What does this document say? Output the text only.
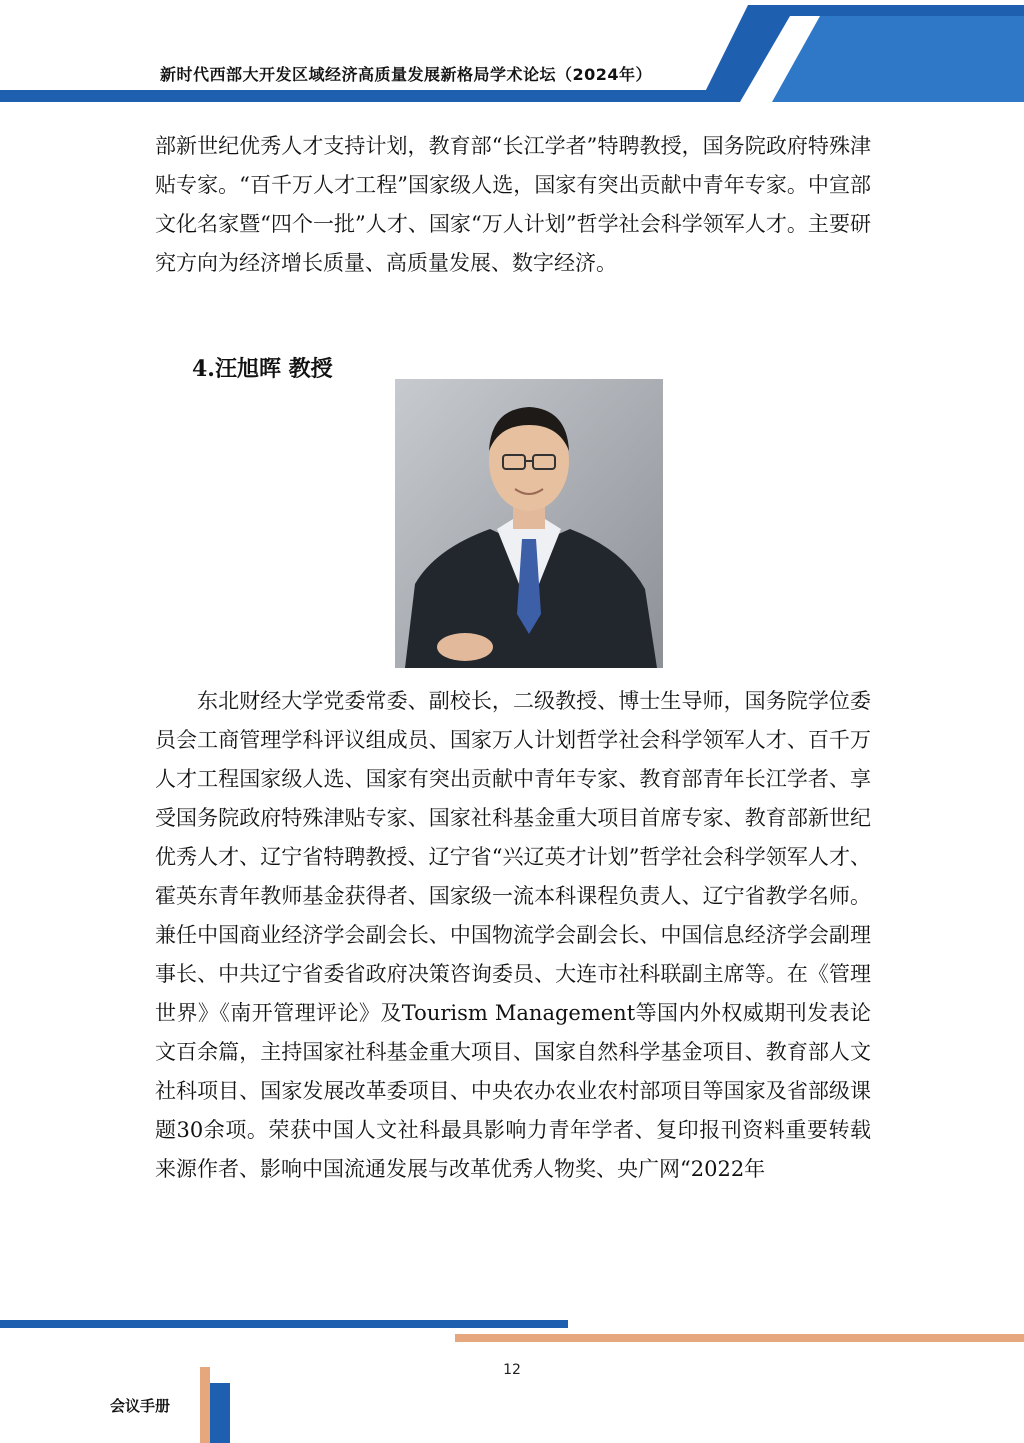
新时代西部大开发区域经济高质量发展新格局学术论坛（2024年）

部新世纪优秀人才支持计划，教育部“长江学者”特聘教授，国务院政府特殊津贴专家。“百千万人才工程”国家级人选，国家有突出贡献中青年专家。中宣部文化名家暨“四个一批”人才、国家“万人计划”哲学社会科学领军人才。主要研究方向为经济增长质量、高质量发展、数字经济。

4.汪旭晖 教授

东北财经大学党委常委、副校长，二级教授、博士生导师，国务院学位委员会工商管理学科评议组成员、国家万人计划哲学社会科学领军人才、百千万人才工程国家级人选、国家有突出贡献中青年专家、教育部青年长江学者、享受国务院政府特殊津贴专家、国家社科基金重大项目首席专家、教育部新世纪优秀人才、辽宁省特聘教授、辽宁省“兴辽英才计划”哲学社会科学领军人才、霍英东青年教师基金获得者、国家级一流本科课程负责人、辽宁省教学名师。兼任中国商业经济学会副会长、中国物流学会副会长、中国信息经济学会副理事长、中共辽宁省委省政府决策咨询委员、大连市社科联副主席等。在《管理世界》《南开管理评论》及Tourism Management等国内外权威期刊发表论文百余篇，主持国家社科基金重大项目、国家自然科学基金项目、教育部人文社科项目、国家发展改革委项目、中央农办农业农村部项目等国家及省部级课题30余项。荣获中国人文社科最具影响力青年学者、复印报刊资料重要转载来源作者、影响中国流通发展与改革优秀人物奖、央广网“2022年

12
会议手册
